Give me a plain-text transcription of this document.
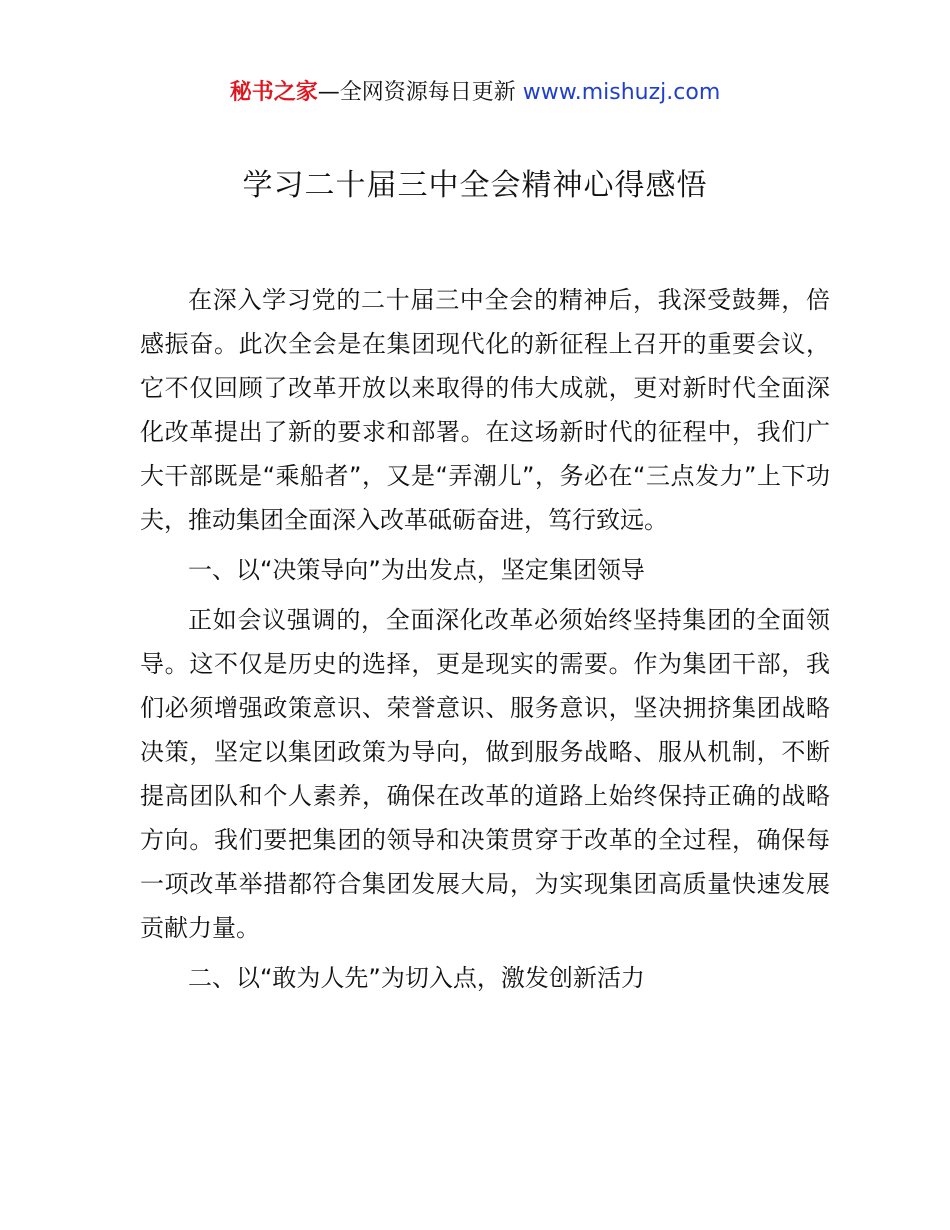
秘书之家—全网资源每日更新 www.mishuzj.com
学习二十届三中全会精神心得感悟

在深入学习党的二十届三中全会的精神后，我深受鼓舞，倍感振奋。此次全会是在集团现代化的新征程上召开的重要会议，它不仅回顾了改革开放以来取得的伟大成就，更对新时代全面深化改革提出了新的要求和部署。在这场新时代的征程中，我们广大干部既是“乘船者”，又是“弄潮儿”，务必在“三点发力”上下功夫，推动集团全面深入改革砥砺奋进，笃行致远。

一、以“决策导向”为出发点，坚定集团领导

正如会议强调的，全面深化改革必须始终坚持集团的全面领导。这不仅是历史的选择，更是现实的需要。作为集团干部，我们必须增强政策意识、荣誉意识、服务意识，坚决拥挤集团战略决策，坚定以集团政策为导向，做到服务战略、服从机制，不断提高团队和个人素养，确保在改革的道路上始终保持正确的战略方向。我们要把集团的领导和决策贯穿于改革的全过程，确保每一项改革举措都符合集团发展大局，为实现集团高质量快速发展贡献力量。

二、以“敢为人先”为切入点，激发创新活力
